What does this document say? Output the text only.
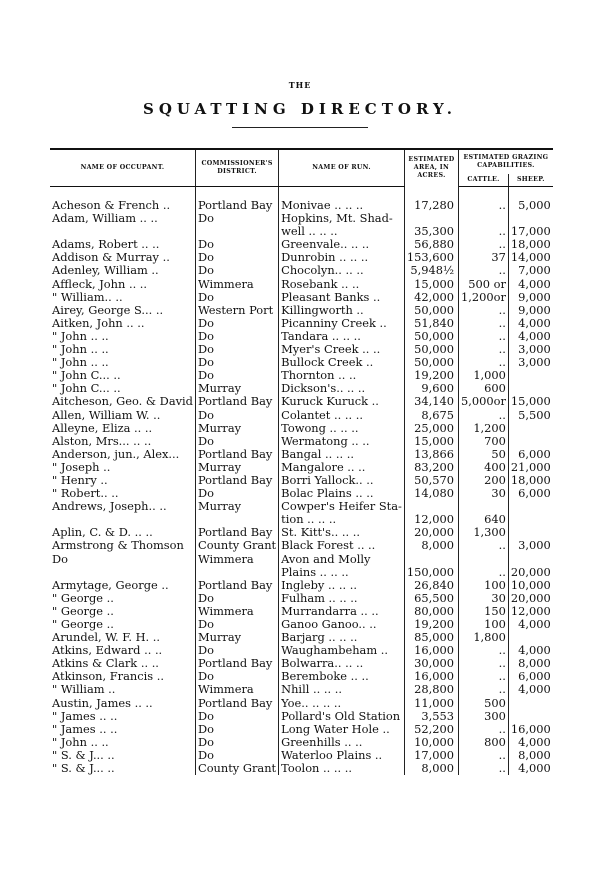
THE
SQUATTING DIRECTORY.
NAME OF OCCUPANT.	COMMISSIONER'S DISTRICT.	NAME OF RUN.	ESTIMATED AREA, IN ACRES.	ESTIMATED GRAZING CAPABILITIES.	
				CATTLE.	SHEEP.

Acheson & French ..	Portland Bay	Monivae .. .. ..	17,280	..	5,000
Adam, William .. ..	Do	Hopkins, Mt. Shad-			
		well .. .. ..	35,300	..	17,000
Adams, Robert .. ..	Do	Greenvale.. .. ..	56,880	..	18,000
Addison & Murray ..	Do	Dunrobin .. .. ..	153,600	37	14,000
Adenley, William ..	Do	Chocolyn.. .. ..	5,948½	..	7,000
Affleck, John .. ..	Wimmera	Rosebank .. ..	15,000	500 or	4,000
" William.. ..	Do	Pleasant Banks ..	42,000	1,200or	9,000
Airey, George S... ..	Western Port	Killingworth ..	50,000	..	9,000
Aitken, John .. ..	Do	Picanniny Creek ..	51,840	..	4,000
" John .. ..	Do	Tandara .. .. ..	50,000	..	4,000
" John .. ..	Do	Myer's Creek .. ..	50,000	..	3,000
" John .. ..	Do	Bullock Creek ..	50,000	..	3,000
" John C... ..	Do	Thornton .. ..	19,200	1,000	
" John C... ..	Murray	Dickson's.. .. ..	9,600	600	
Aitcheson, Geo. & David	Portland Bay	Kuruck Kuruck ..	34,140	5,000or	15,000
Allen, William W. ..	Do	Colantet .. .. ..	8,675	..	5,500
Alleyne, Eliza .. ..	Murray	Towong .. .. ..	25,000	1,200	
Alston, Mrs... .. ..	Do	Wermatong .. ..	15,000	700	
Anderson, jun., Alex...	Portland Bay	Bangal .. .. ..	13,866	50	6,000
" Joseph ..	Murray	Mangalore .. ..	83,200	400	21,000
" Henry ..	Portland Bay	Borri Yallock.. ..	50,570	200	18,000
" Robert.. ..	Do	Bolac Plains .. ..	14,080	30	6,000
Andrews, Joseph.. ..	Murray	Cowper's Heifer Sta-			
		tion .. .. ..	12,000	640	
Aplin, C. & D. .. ..	Portland Bay	St. Kitt's.. .. ..	20,000	1,300	
Armstrong & Thomson	County Grant	Black Forest .. ..	8,000	..	3,000
Do	Wimmera	Avon and Molly			
		Plains .. .. ..	150,000	..	20,000
Armytage, George ..	Portland Bay	Ingleby .. .. ..	26,840	100	10,000
" George ..	Do	Fulham .. .. ..	65,500	30	20,000
" George ..	Wimmera	Murrandarra .. ..	80,000	150	12,000
" George ..	Do	Ganoo Ganoo.. ..	19,200	100	4,000
Arundel, W. F. H. ..	Murray	Barjarg .. .. ..	85,000	1,800	
Atkins, Edward .. ..	Do	Waughambeham ..	16,000	..	4,000
Atkins & Clark .. ..	Portland Bay	Bolwarra.. .. ..	30,000	..	8,000
Atkinson, Francis ..	Do	Beremboke .. ..	16,000	..	6,000
" William ..	Wimmera	Nhill .. .. ..	28,800	..	4,000
Austin, James .. ..	Portland Bay	Yoe.. .. .. ..	11,000	500	
" James .. ..	Do	Pollard's Old Station	3,553	300	
" James .. ..	Do	Long Water Hole ..	52,200	..	16,000
" John .. ..	Do	Greenhills .. ..	10,000	800	4,000
" S. & J... ..	Do	Waterloo Plains ..	17,000	..	8,000
" S. & J... ..	County Grant	Toolon .. .. ..	8,000	..	4,000
